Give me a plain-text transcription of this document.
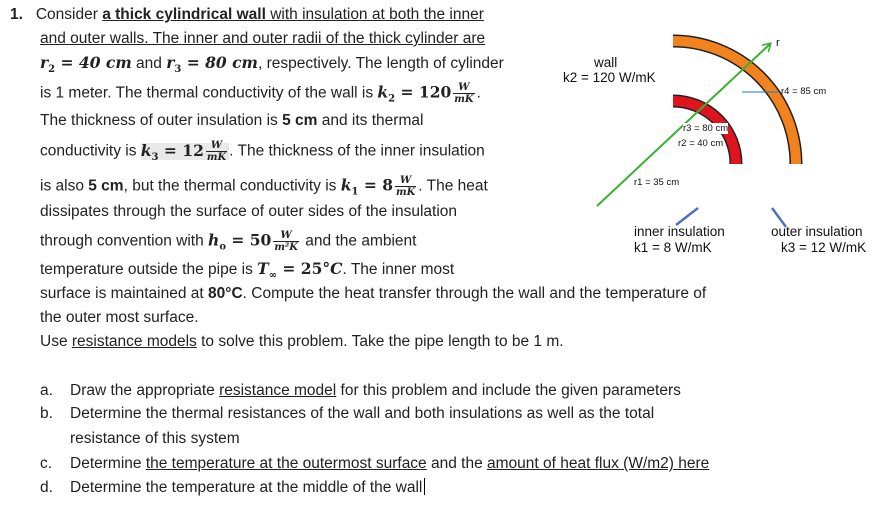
1. Consider a thick cylindrical wall with insulation at both the inner
and outer walls. The inner and outer radii of the thick cylinder are
$r_2 = 40$ cm and $r_3 = 80$ cm, respectively. The length of cylinder
is 1 meter. The thermal conductivity of the wall is $k_2 = 120 \frac{W}{mK}$ .
The thickness of outer insulation is 5 cm and its thermal
conductivity is $k_3 = 12 \frac{W}{mK}$ . The thickness of the inner insulation
is also 5 cm, but the thermal conductivity is $k_1 = 8 \frac{W}{mK}$ . The heat
dissipates through the surface of outer sides of the insulation
through convention with $h_o = 50 \frac{W}{\text{m²K}}$ and the ambient
temperature outside the pipe is $T_\infty = 25^\circ C$. The inner most
surface is maintained at 80°C. Compute the heat transfer through the wall and the temperature of
the outer most surface.
Use resistance models to solve this problem. Take the pipe length to be 1 m.
a. Draw the appropriate resistance model for this problem and include the given parameters
b. Determine the thermal resistances of the wall and both insulations as well as the total
resistance of this system
c. Determine the temperature at the outermost surface and the amount of heat flux (W/m2) here
d. Determine the temperature at the middle of the wall
wall
k2 = 120 W/mK
r
r4 = 85 cm
r3 = 80 cm
r2 = 40 cm
r1 = 35 cm
inner insulation
k1 = 8 W/mK
outer insulation
k3 = 12 W/mK
